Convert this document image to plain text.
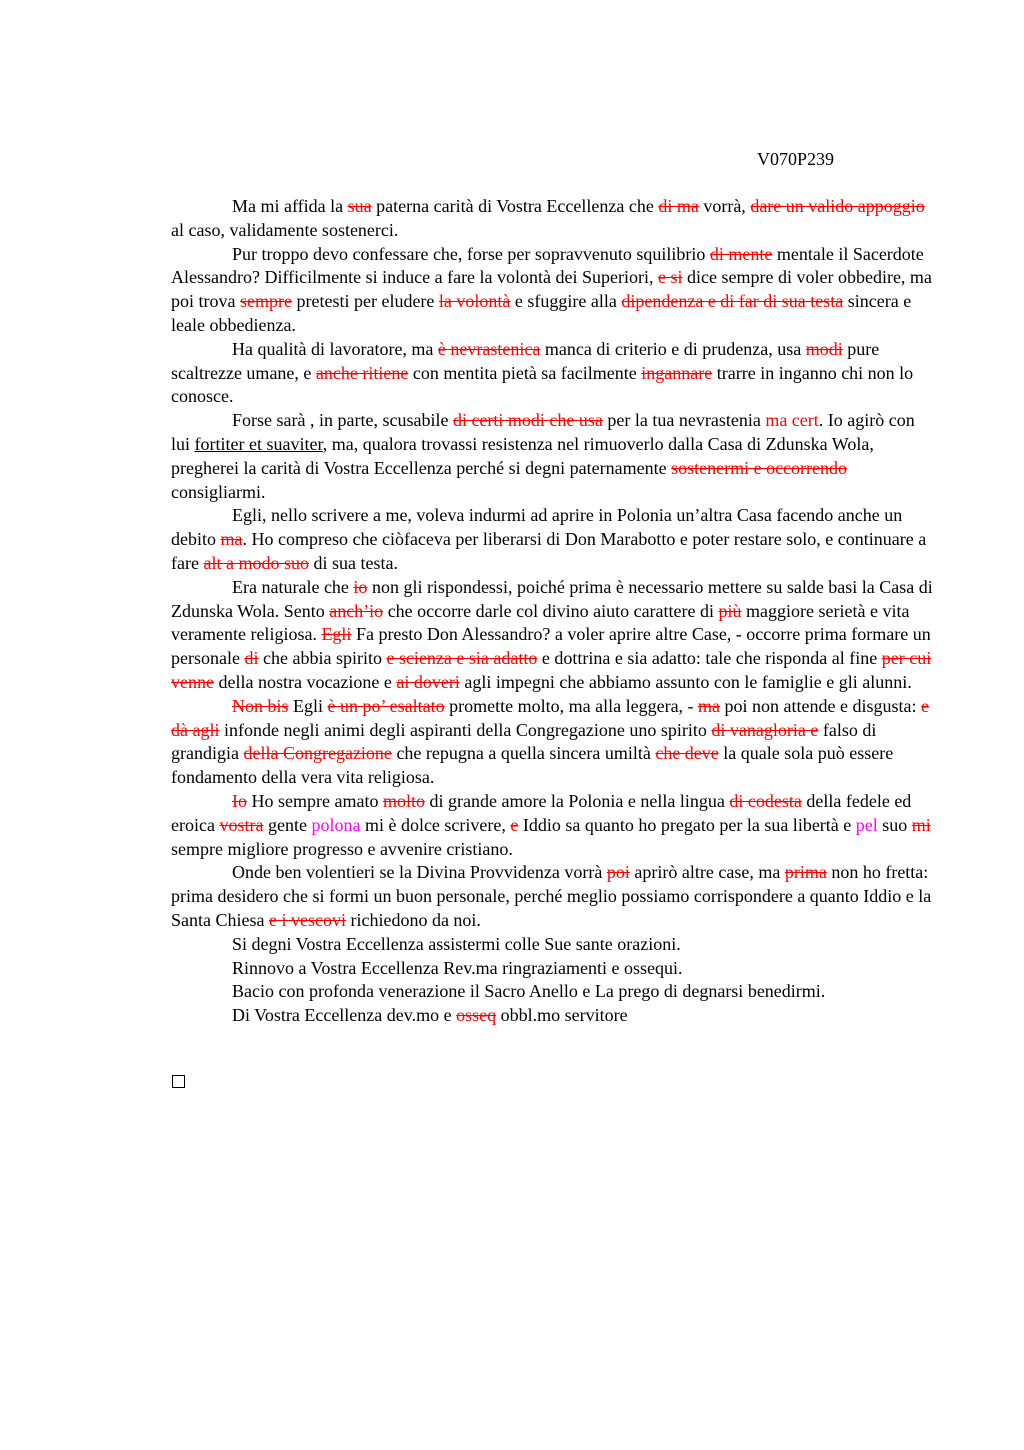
V070P239

Ma mi affida la sua paterna carità di Vostra Eccellenza che di ma vorrà, dare un valido appoggio al caso, validamente sostenerci.

Pur troppo devo confessare che, forse per sopravvenuto squilibrio di mente mentale il Sacerdote Alessandro? Difficilmente si induce a fare la volontà dei Superiori, e si dice sempre di voler obbedire, ma poi trova sempre pretesti per eludere la volontà e sfuggire alla dipendenza e di far di sua testa sincera e leale obbedienza.

Ha qualità di lavoratore, ma è nevrastenica manca di criterio e di prudenza, usa modi pure scaltrezze umane, e anche ritiene con mentita pietà sa facilmente ingannare trarre in inganno chi non lo conosce.

Forse sarà , in parte, scusabile di certi modi che usa per la tua nevrastenia ma cert. Io agirò con lui fortiter et suaviter, ma, qualora trovassi resistenza nel rimuoverlo dalla Casa di Zdunska Wola, pregherei la carità di Vostra Eccellenza perché si degni paternamente sostenermi e occorrendo consigliarmi.

Egli, nello scrivere a me, voleva indurmi ad aprire in Polonia un’altra Casa facendo anche un debito ma. Ho compreso che ciòfaceva per liberarsi di Don Marabotto e poter restare solo, e continuare a fare alt a modo suo di sua testa.

Era naturale che io non gli rispondessi, poiché prima è necessario mettere su salde basi la Casa di Zdunska Wola. Sento anch’io che occorre darle col divino aiuto carattere di più maggiore serietà e vita veramente religiosa. Egli Fa presto Don Alessandro? a voler aprire altre Case, - occorre prima formare un personale di che abbia spirito e scienza e sia adatto e dottrina e sia adatto: tale che risponda al fine per cui venne della nostra vocazione e ai doveri agli impegni che abbiamo assunto con le famiglie e gli alunni.

Non bis Egli è un po’ esaltato promette molto, ma alla leggera, - ma poi non attende e disgusta: e dà agli infonde negli animi degli aspiranti della Congregazione uno spirito di vanagloria e falso di grandigia della Congregazione che repugna a quella sincera umiltà che deve la quale sola può essere fondamento della vera vita religiosa.

Io Ho sempre amato molto di grande amore la Polonia e nella lingua di codesta della fedele ed eroica vostra gente polona mi è dolce scrivere, e Iddio sa quanto ho pregato per la sua libertà e pel suo mi sempre migliore progresso e avvenire cristiano.

Onde ben volentieri se la Divina Provvidenza vorrà poi aprirò altre case, ma prima non ho fretta: prima desidero che si formi un buon personale, perché meglio possiamo corrispondere a quanto Iddio e la Santa Chiesa e i vescovi richiedono da noi.

Si degni Vostra Eccellenza assistermi colle Sue sante orazioni.

Rinnovo a Vostra Eccellenza Rev.ma ringraziamenti e ossequi.

Bacio con profonda venerazione il Sacro Anello e La prego di degnarsi benedirmi.

Di Vostra Eccellenza dev.mo e osseq obbl.mo servitore
